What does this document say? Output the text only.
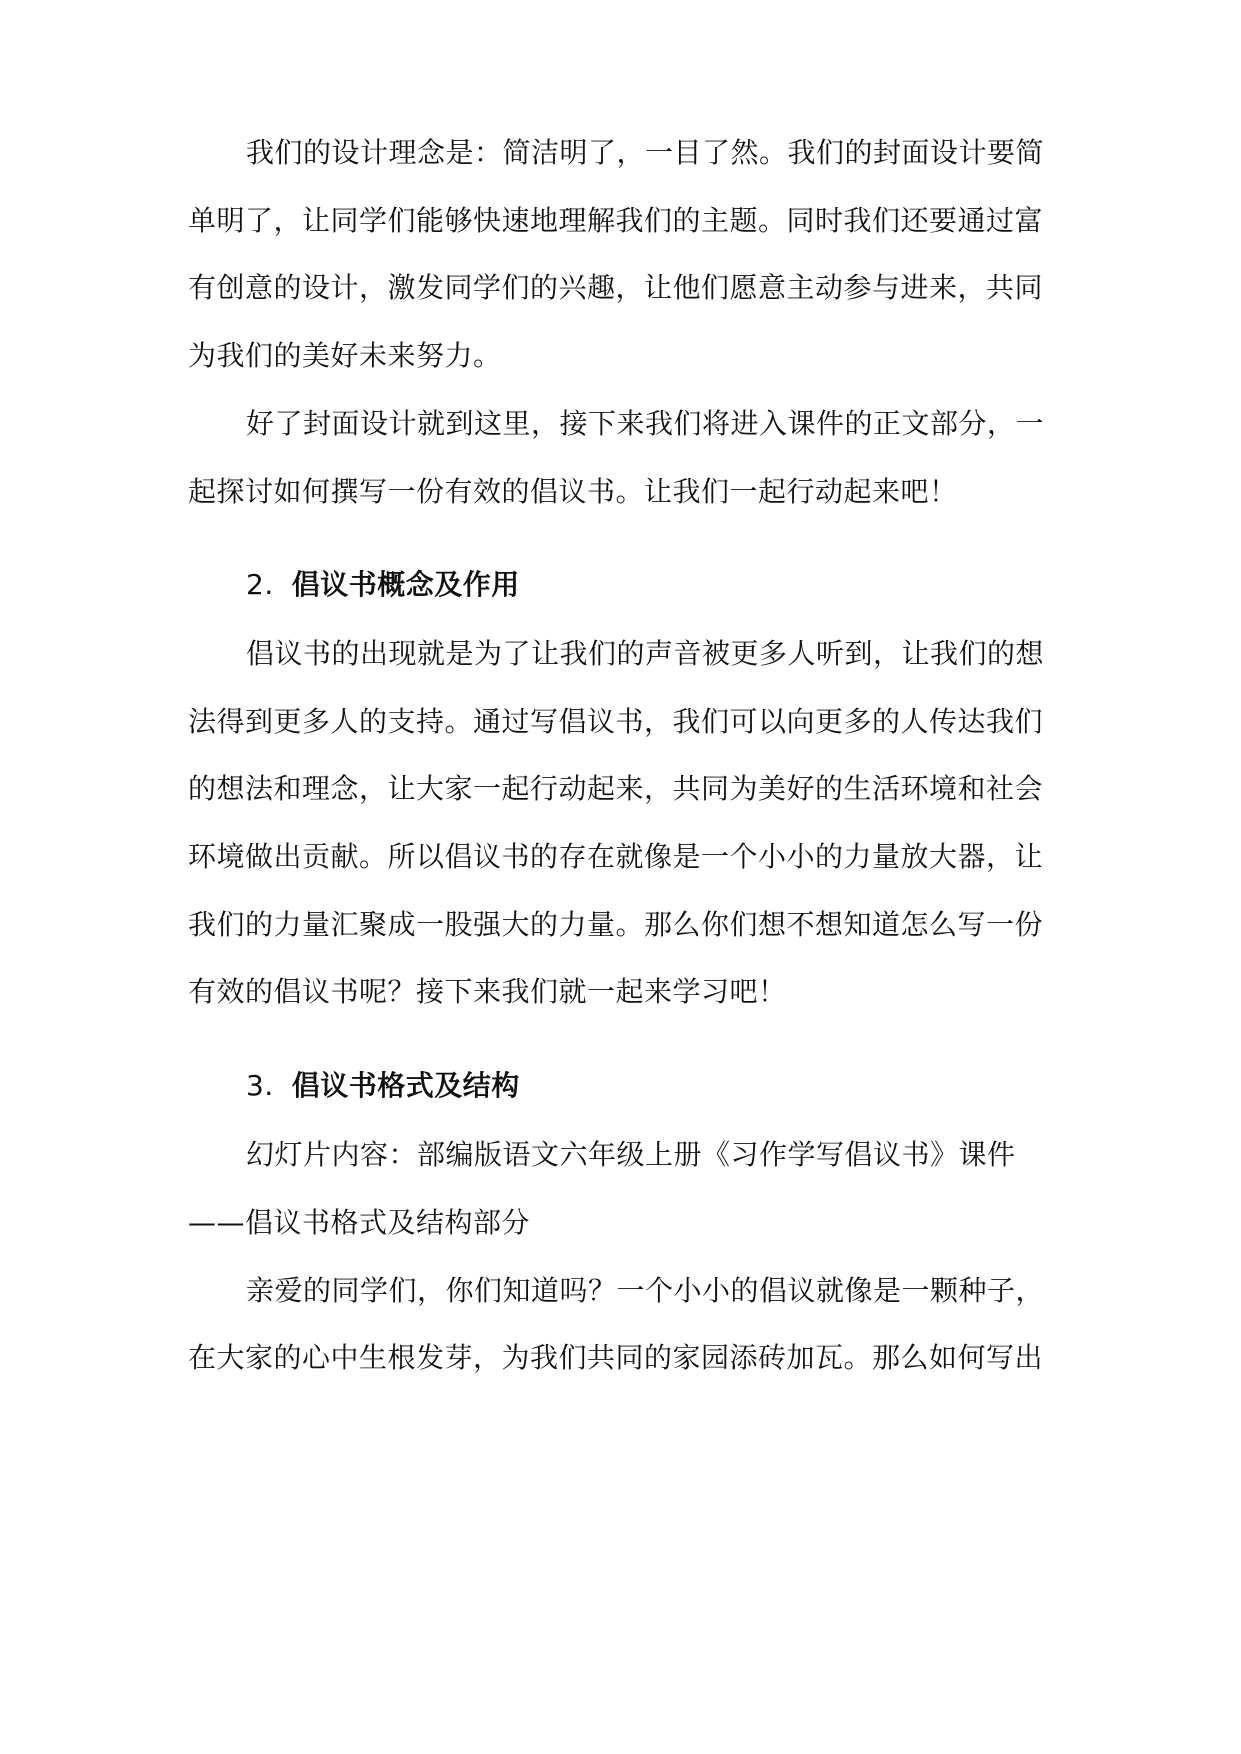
我们的设计理念是：简洁明了，一目了然。我们的封面设计要简
单明了，让同学们能够快速地理解我们的主题。同时我们还要通过富
有创意的设计，激发同学们的兴趣，让他们愿意主动参与进来，共同
为我们的美好未来努力。
好了封面设计就到这里，接下来我们将进入课件的正文部分，一
起探讨如何撰写一份有效的倡议书。让我们一起行动起来吧！
2. 倡议书概念及作用
倡议书的出现就是为了让我们的声音被更多人听到，让我们的想
法得到更多人的支持。通过写倡议书，我们可以向更多的人传达我们
的想法和理念，让大家一起行动起来，共同为美好的生活环境和社会
环境做出贡献。所以倡议书的存在就像是一个小小的力量放大器，让
我们的力量汇聚成一股强大的力量。那么你们想不想知道怎么写一份
有效的倡议书呢？接下来我们就一起来学习吧！
3. 倡议书格式及结构
幻灯片内容：部编版语文六年级上册《习作学写倡议书》课件
——倡议书格式及结构部分
亲爱的同学们，你们知道吗？一个小小的倡议就像是一颗种子，
在大家的心中生根发芽，为我们共同的家园添砖加瓦。那么如何写出
